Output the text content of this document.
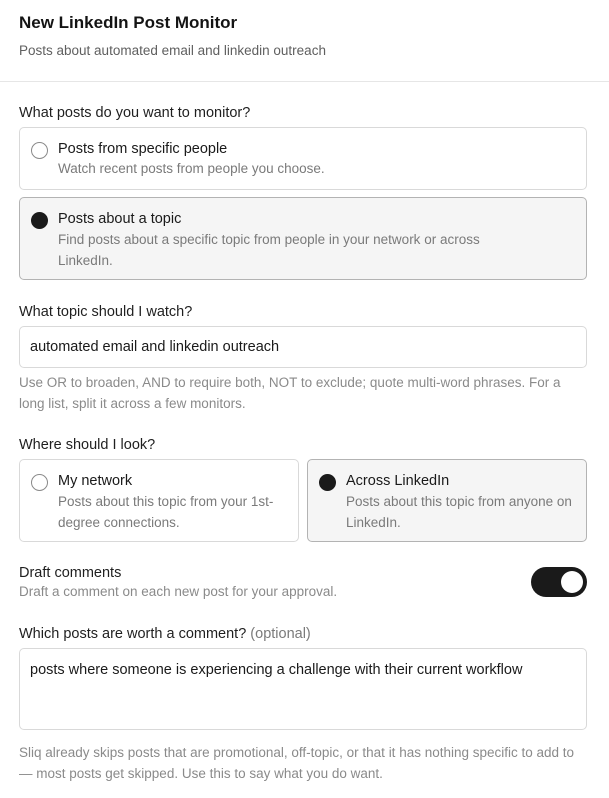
New LinkedIn Post Monitor
Posts about automated email and linkedin outreach
What posts do you want to monitor?
Posts from specific people
Watch recent posts from people you choose.
Posts about a topic
Find posts about a specific topic from people in your network or across LinkedIn.
What topic should I watch?
automated email and linkedin outreach
Use OR to broaden, AND to require both, NOT to exclude; quote multi-word phrases. For a long list, split it across a few monitors.
Where should I look?
My network
Posts about this topic from your 1st-degree connections.
Across LinkedIn
Posts about this topic from anyone on LinkedIn.
Draft comments
Draft a comment on each new post for your approval.
Which posts are worth a comment? (optional)
posts where someone is experiencing a challenge with their current workflow
Sliq already skips posts that are promotional, off-topic, or that it has nothing specific to add to — most posts get skipped. Use this to say what you do want.
